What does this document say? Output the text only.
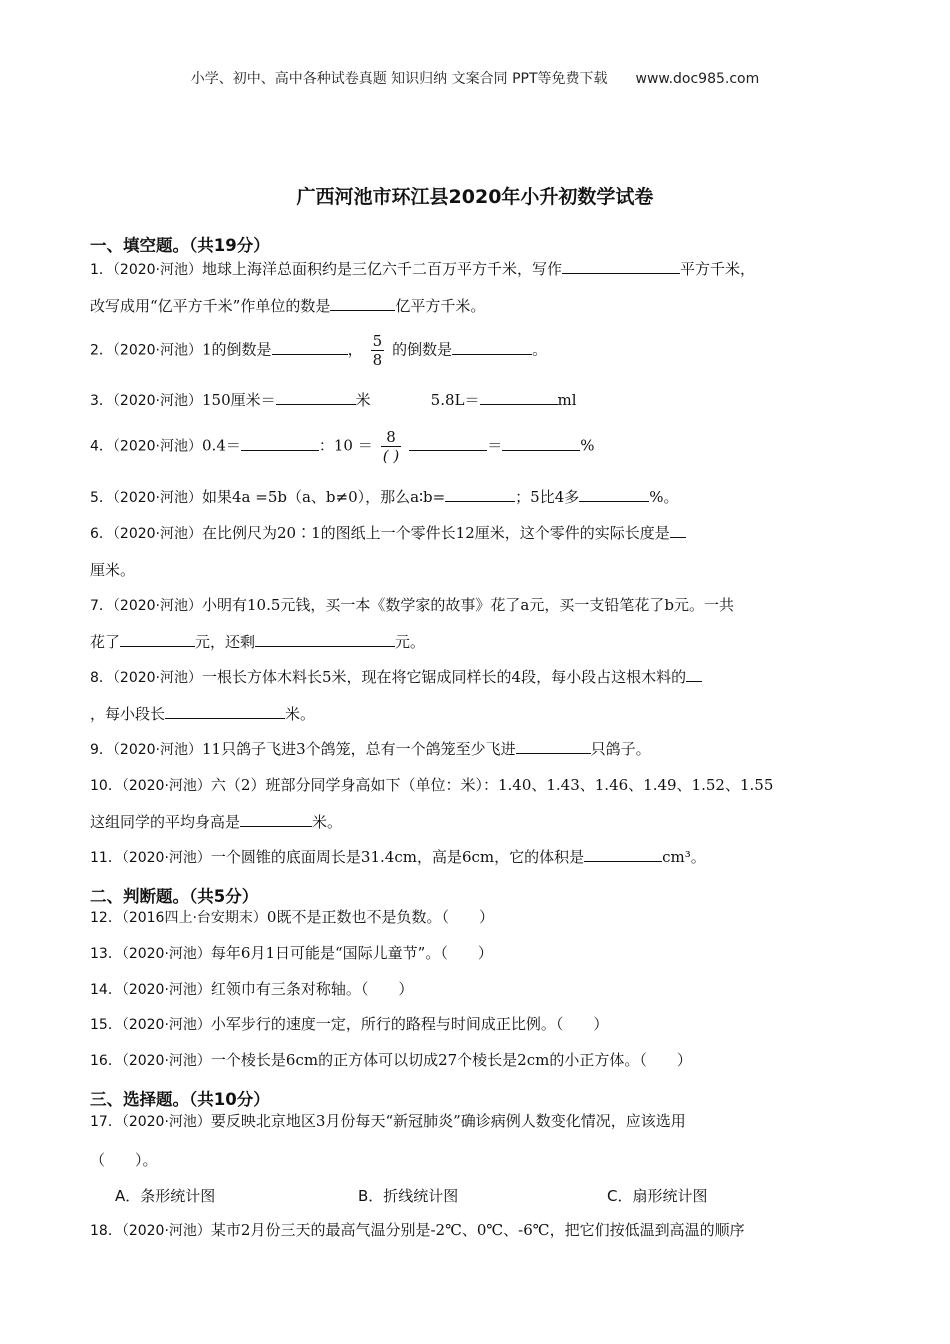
小学、初中、高中各种试卷真题 知识归纳 文案合同 PPT等免费下载 www.doc985.com
广西河池市环江县2020年小升初数学试卷
一、填空题。（共19分）
1．（2020·河池）地球上海洋总面积约是三亿六千二百万平方千米，写作	平方千米，
改写成用“亿平方千米”作单位的数是	亿平方千米。
2．（2020·河池）1的倒数是	， $\frac{5}{8}$ 的倒数是	。
3．（2020·河池）150厘米＝	米	5.8L＝	ml
4．（2020·河池）0.4＝	：$10 = \frac{8}{( )}$	＝	%
5．（2020·河池）如果4a =5b（a、b≠0），那么a∶b=	；5比4多	%。
6．（2020·河池）在比例尺为20∶1的图纸上一个零件长12厘米，这个零件的实际长度是
厘米。
7．（2020·河池）小明有10.5元钱，买一本《数学家的故事》花了a元，买一支铅笔花了b元。一共
花了	元，还剩	元。
8．（2020·河池）一根长方体木料长5米，现在将它锯成同样长的4段，每小段占这根木料的
，每小段长	米。
9．（2020·河池）11只鸽子飞进3个鸽笼，总有一个鸽笼至少飞进	只鸽子。
10．（2020·河池）六（2）班部分同学身高如下（单位：米）：1.40、1.43、1.46、1.49、1.52、1.55
这组同学的平均身高是	米。
11．（2020·河池）一个圆锥的底面周长是31.4cm，高是6cm，它的体积是	cm³。
二、判断题。（共5分）
12．（2016四上·台安期末）0既不是正数也不是负数。（　　）
13．（2020·河池）每年6月1日可能是“国际儿童节”。（　　）
14．（2020·河池）红领巾有三条对称轴。（　　）
15．（2020·河池）小军步行的速度一定，所行的路程与时间成正比例。（　　）
16．（2020·河池）一个棱长是6cm的正方体可以切成27个棱长是2cm的小正方体。（　　）
三、选择题。（共10分）
17．（2020·河池）要反映北京地区3月份每天“新冠肺炎”确诊病例人数变化情况，应该选用
（　　）。
A．条形统计图	B．折线统计图	C．扇形统计图
18．（2020·河池）某市2月份三天的最高气温分别是-2℃、0℃、-6℃，把它们按低温到高温的顺序
